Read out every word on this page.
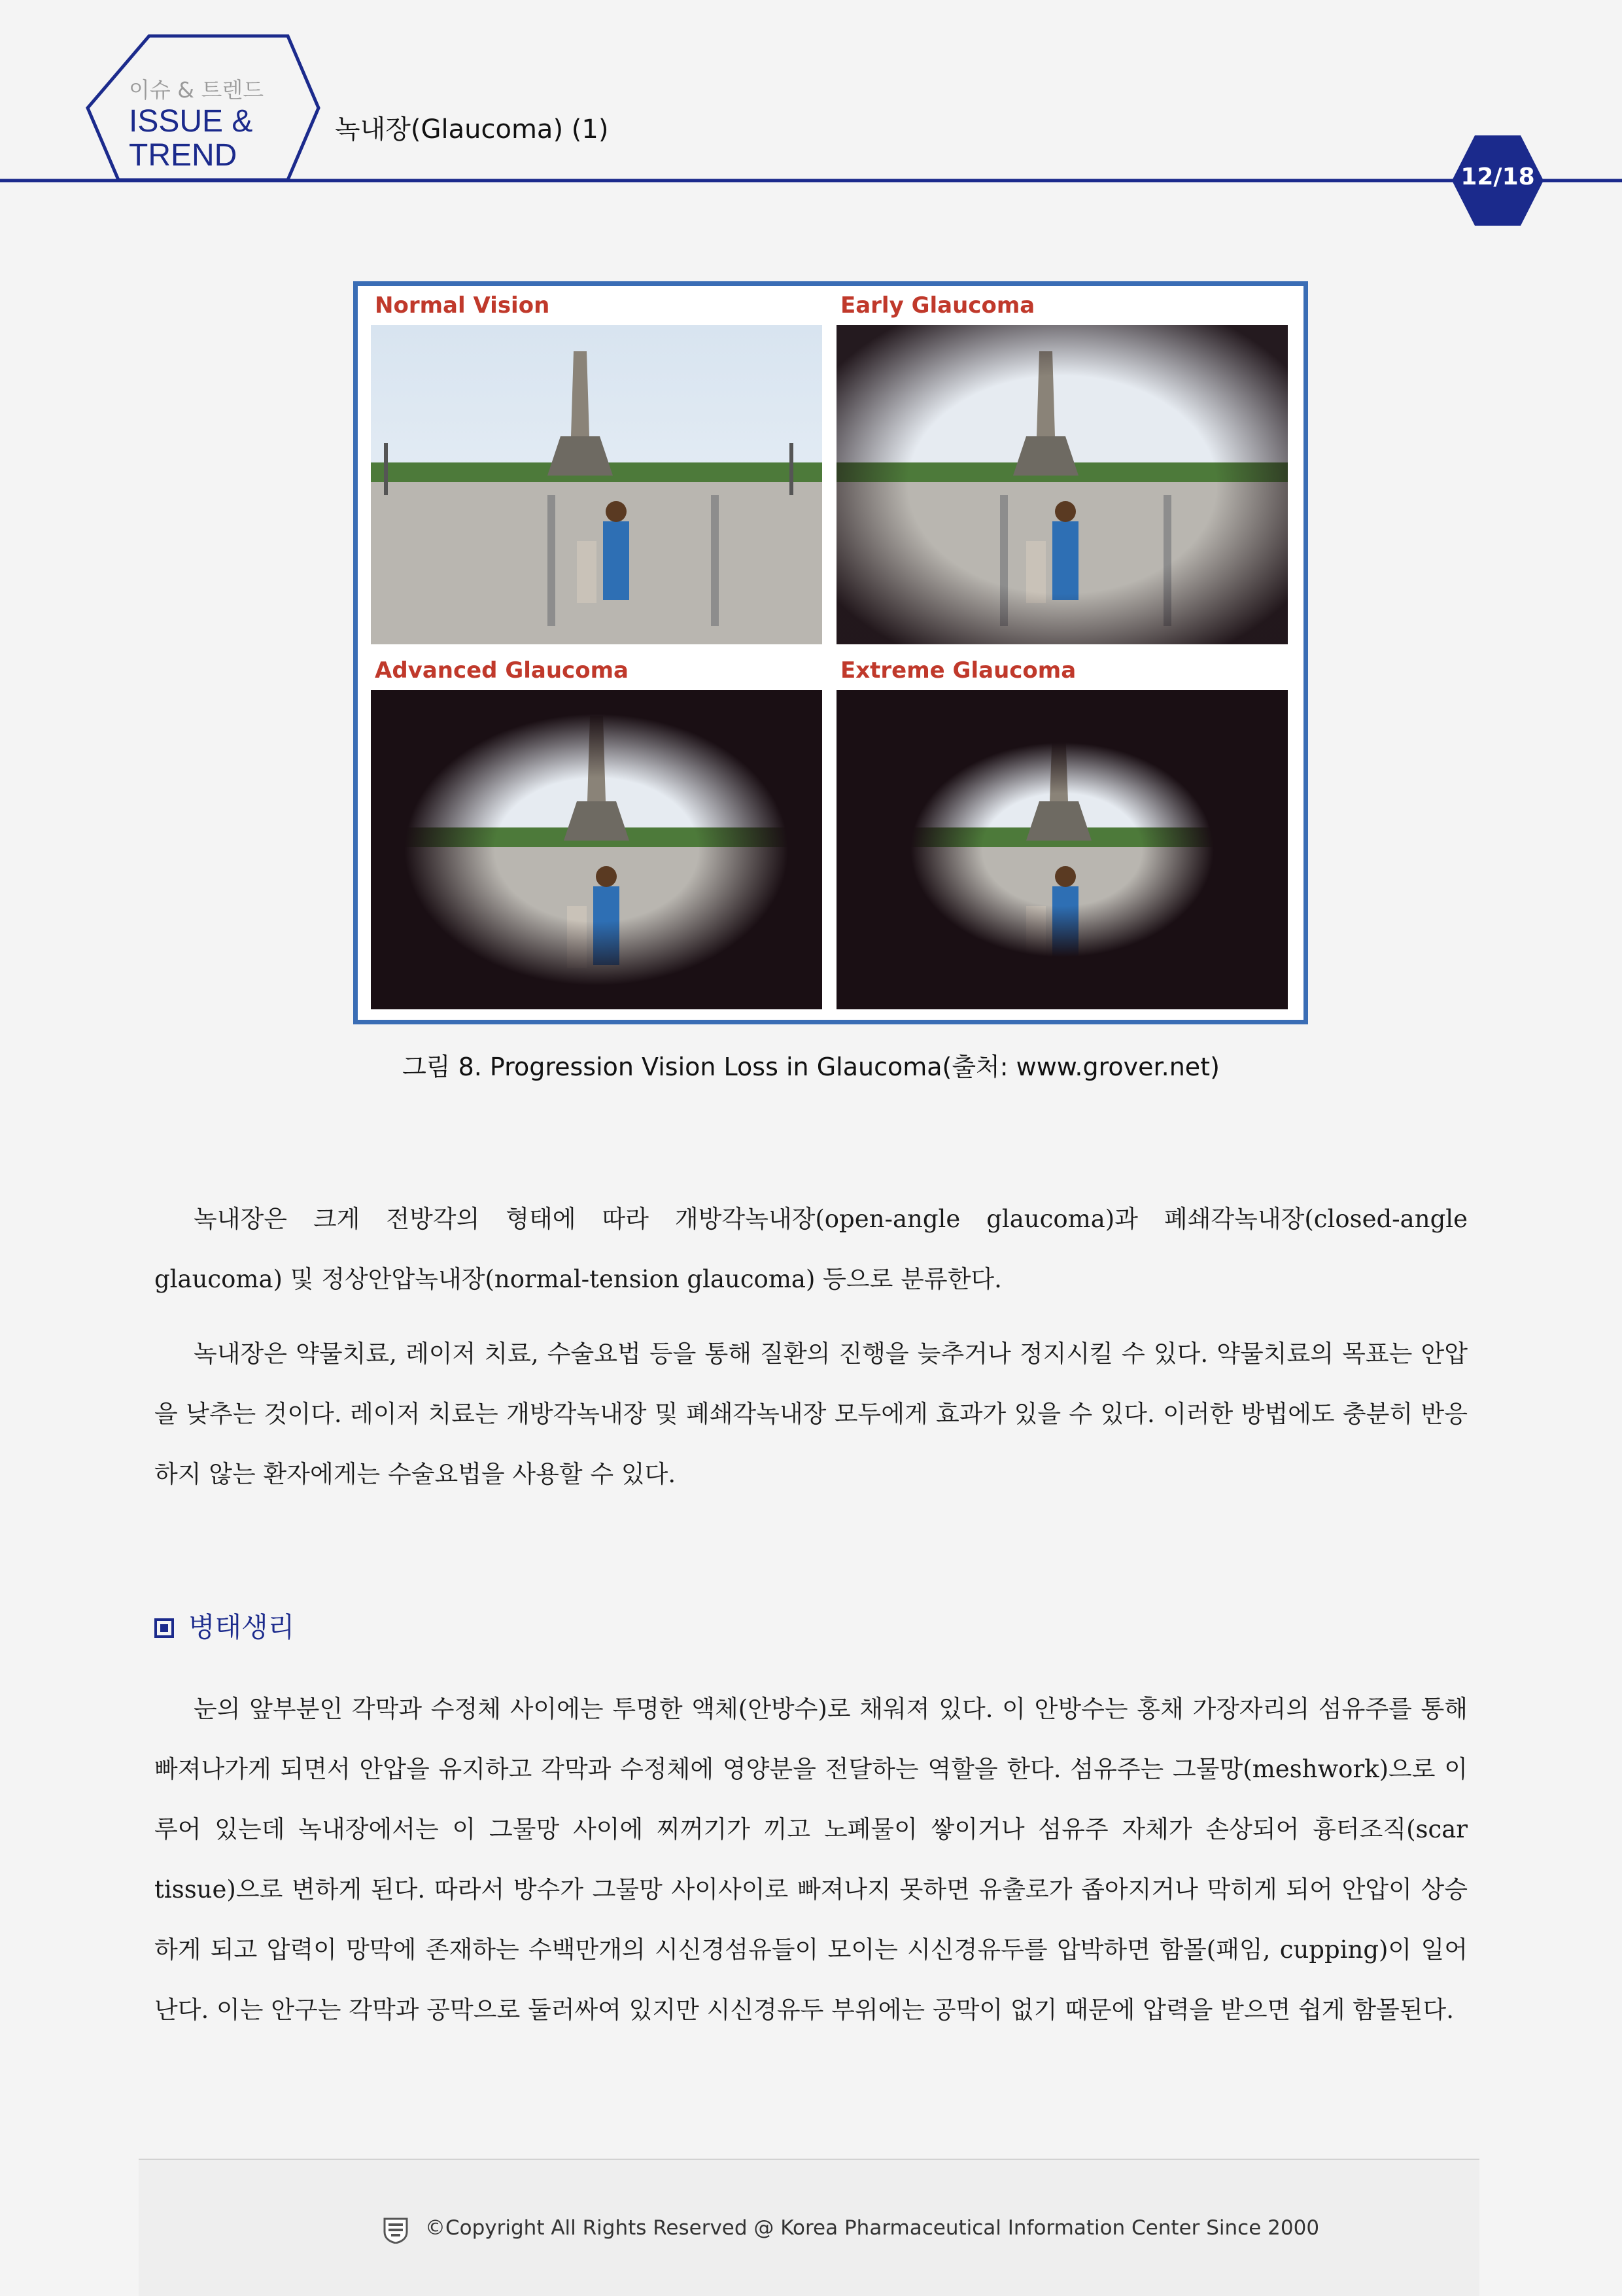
이슈 & 트렌드
ISSUE & TREND
녹내장(Glaucoma) (1)
12/18
Normal Vision	Early Glaucoma
Advanced Glaucoma	Extreme Glaucoma
그림 8. Progression Vision Loss in Glaucoma(출처: www.grover.net)

녹내장은 크게 전방각의 형태에 따라 개방각녹내장(open-angle glaucoma)과 폐쇄각녹내장(closed-angle glaucoma) 및 정상안압녹내장(normal-tension glaucoma) 등으로 분류한다.

녹내장은 약물치료, 레이저 치료, 수술요법 등을 통해 질환의 진행을 늦추거나 정지시킬 수 있다. 약물치료의 목표는 안압을 낮추는 것이다. 레이저 치료는 개방각녹내장 및 폐쇄각녹내장 모두에게 효과가 있을 수 있다. 이러한 방법에도 충분히 반응하지 않는 환자에게는 수술요법을 사용할 수 있다.

병태생리

눈의 앞부분인 각막과 수정체 사이에는 투명한 액체(안방수)로 채워져 있다. 이 안방수는 홍채 가장자리의 섬유주를 통해 빠져나가게 되면서 안압을 유지하고 각막과 수정체에 영양분을 전달하는 역할을 한다. 섬유주는 그물망(meshwork)으로 이루어 있는데 녹내장에서는 이 그물망 사이에 찌꺼기가 끼고 노폐물이 쌓이거나 섬유주 자체가 손상되어 흉터조직(scar tissue)으로 변하게 된다. 따라서 방수가 그물망 사이사이로 빠져나지 못하면 유출로가 좁아지거나 막히게 되어 안압이 상승하게 되고 압력이 망막에 존재하는 수백만개의 시신경섬유들이 모이는 시신경유두를 압박하면 함몰(패임, cupping)이 일어난다. 이는 안구는 각막과 공막으로 둘러싸여 있지만 시신경유두 부위에는 공막이 없기 때문에 압력을 받으면 쉽게 함몰된다.

©Copyright All Rights Reserved @ Korea Pharmaceutical Information Center Since 2000
